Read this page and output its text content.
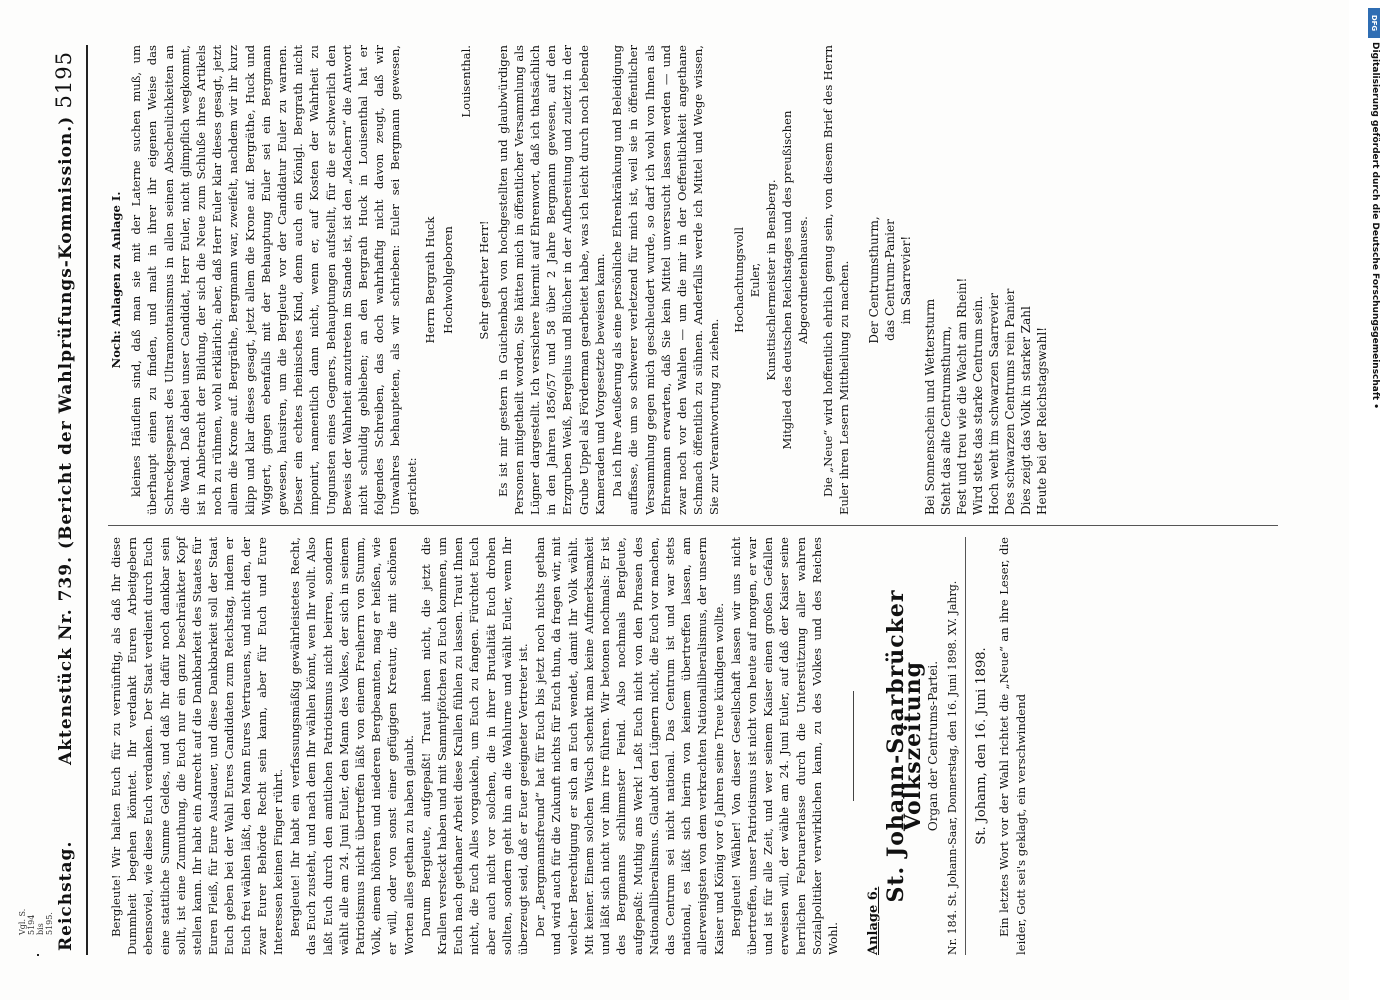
Reichstag.
Aktenstück Nr. 739. (Bericht der Wahlprüfungs-Kommission.)
5195

Bergleute! Wir halten Euch für zu vernünftig, als daß Ihr diese Dummheit begehen könntet. Ihr verdankt Euren Arbeitgebern ebensoviel, wie diese Euch verdanken. Der Staat verdient durch Euch eine stattliche Summe Geldes, und daß Ihr dafür noch dankbar sein sollt, ist eine Zumuthung, die Euch nur ein ganz beschränkter Kopf stellen kann. Ihr habt ein Anrecht auf die Dankbarkeit des Staates für Euren Fleiß, für Eure Ausdauer, und diese Dankbarkeit soll der Staat Euch geben bei der Wahl Eures Candidaten zum Reichstag, indem er Euch frei wählen läßt, den Mann Eures Vertrauens, und nicht den, der zwar Eurer Behörde Recht sein kann, aber für Euch und Eure Interessen keinen Finger rührt. Bergleute! Ihr habt ein verfassungsmäßig gewährleistetes Recht, das Euch zusteht, und nach dem Ihr wählen könnt, wen Ihr wollt. Also laßt Euch durch den amtlichen Patriotismus nicht beirren, sondern wählt alle am 24. Juni Euler, den Mann des Volkes, der sich in seinem Patriotismus nicht übertreffen läßt von einem Freiherrn von Stumm, Volk, einem höheren und niederen Bergbeamten, mag er heißen, wie er will, oder von sonst einer gefügigen Kreatur, die mit schönen Worten alles gethan zu haben glaubt. Darum Bergleute, aufgepaßt! Traut ihnen nicht, die jetzt die Krallen versteckt haben und mit Sammtpfötchen zu Euch kommen, um Euch nach gethaner Arbeit diese Krallen fühlen zu lassen. Traut Ihnen nicht, die Euch Alles vorgaukeln, um Euch zu fangen. Fürchtet Euch aber auch nicht vor solchen, die in ihrer Brutalität Euch drohen sollten, sondern geht hin an die Wahlurne und wählt Euler, wenn Ihr überzeugt seid, daß er Euer geeigneter Vertreter ist. Der „Bergmannsfreund“ hat für Euch bis jetzt noch nichts gethan und wird auch für die Zukunft nichts für Euch thun, da fragen wir, mit welcher Berechtigung er sich an Euch wendet, damit Ihr Volk wählt. Mit keiner. Einem solchen Wisch schenkt man keine Aufmerksamkeit und läßt sich nicht vor ihm irre führen. Wir betonen nochmals: Er ist des Bergmanns schlimmster Feind. Also nochmals Bergleute, aufgepaßt: Muthig ans Werk! Laßt Euch nicht von den Phrasen des Nationalliberalismus. Glaubt den Lügnern nicht, die Euch vor machen, das Centrum sei nicht national. Das Centrum ist und war stets national, es läßt sich hierin von keinem übertreffen lassen, am allerwenigsten von dem verkrachten Nationalliberalismus, der unserm Kaiser und König vor 6 Jahren seine Treue kündigen wollte. Bergleute! Wähler! Von dieser Gesellschaft lassen wir uns nicht übertreffen, unser Patriotismus ist nicht von heute auf morgen, er war und ist für alle Zeit, und wer seinem Kaiser einen großen Gefallen erweisen will, der wähle am 24. Juni Euler, auf daß der Kaiser seine herrlichen Februarerlasse durch die Unterstützung aller wahren Sozialpolitiker verwirklichen kann, zu des Volkes und des Reiches Wohl. Anlage 6.
St. Johann-Saarbrücker Volkszeitung Organ der Centrums-Partei. Nr. 184. St. Johann-Saar, Donnerstag, den 16. Juni 1898. XV. Jahrg.	St. Johann, den 16. Juni 1898. Ein letztes Wort vor der Wahl richtet die „Neue“ an ihre Leser, die leider, Gott sei's geklagt, ein verschwindend

Noch: Anlagen zu Anlage I. kleines Häuflein sind, daß man sie mit der Laterne suchen muß, um überhaupt einen zu finden, und malt in ihrer ihr eigenen Weise das Schreckgespenst des Ultramontanismus in allen seinen Abscheulichkeiten an die Wand. Daß dabei unser Candidat, Herr Euler, nicht glimpflich wegkommt, ist in Anbetracht der Bildung, der sich die Neue zum Schluße ihres Artikels noch zu rühmen, wohl erklärlich; aber, daß Herr Euler klar dieses gesagt, jetzt allem die Krone auf. Bergräthe, Bergmann war, zweifelt, nachdem wir ihr kurz klipp und klar dieses gesagt, jetzt allem die Krone auf. Bergräthe, Huck und Wiggert, gingen ebenfalls mit der Behauptung Euler sei ein Bergmann gewesen, hausiren, um die Bergleute vor der Candidatur Euler zu warnen. Dieser ein echtes rheinisches Kind, denn auch ein Königl. Bergrath nicht imponirt, namentlich dann nicht, wenn er, auf Kosten der Wahrheit zu Ungunsten eines Gegners, Behauptungen aufstellt, für die er schwerlich den Beweis der Wahrheit anzutreten im Stande ist, ist den „Machern“ die Antwort nicht schuldig geblieben; an den Bergrath Huck in Louisenthal hat er folgendes Schreiben, das doch wahrhaftig nicht davon zeugt, daß wir Unwahres behaupteten, als wir schrieben: Euler sei Bergmann gewesen, gerichtet:

Herrn Bergrath Huck Hochwohlgeboren
Louisenthal.
Sehr geehrter Herr! Es ist mir gestern in Guichenbach von hochgestellten und glaubwürdigen Personen mitgetheilt worden, Sie hätten mich in öffentlicher Versammlung als Lügner dargestellt. Ich versichere hiermit auf Ehrenwort, daß ich thatsächlich in den Jahren 1856/57 und 58 über 2 Jahre Bergmann gewesen, auf den Erzgruben Weiß, Bergelius und Blücher in der Aufbereitung und zuletzt in der Grube Uppel als Förderman gearbeitet habe, was ich leicht durch noch lebende Kameraden und Vorgesetzte beweisen kann. Da ich Ihre Aeußerung als eine persönliche Ehrenkränkung und Beleidigung auffasse, die um so schwerer verletzend für mich ist, weil sie in öffentlicher Versammlung gegen mich geschleudert wurde, so darf ich wohl von Ihnen als Ehrenmann erwarten, daß Sie kein Mittel unversucht lassen werden — und zwar noch vor den Wahlen — um die mir in der Oeffentlichkeit angethane Schmach öffentlich zu sühnen. Anderfalls werde ich Mittel und Wege wissen, Sie zur Verantwortung zu ziehen.

Hochachtungsvoll Euler, Kunsttischlermeister in Bensberg. Mitglied des deutschen Reichstages und des preußischen Abgeordnetenhauses. Die „Neue“ wird hoffentlich ehrlich genug sein, von diesem Brief des Herrn Euler ihren Lesern Mittheilung zu machen. Der Centrumsthurm, das Centrum-Panier im Saarrevier!
Bei Sonnenschein und Wettersturm Steht das alte Centrumsthurm, Fest und treu wie die Wacht am Rhein! Wird stets das starke Centrum sein. Hoch weht im schwarzen Saarrevier Des schwarzen Centrums rein Panier Dies zeigt das Volk in starker Zahl Heute bei der Reichstagswahl!
Vgl. S. 5194 bis 5195.
DFG
Digitalisierung gefördert durch die Deutsche Forschungsgemeinschaft •
